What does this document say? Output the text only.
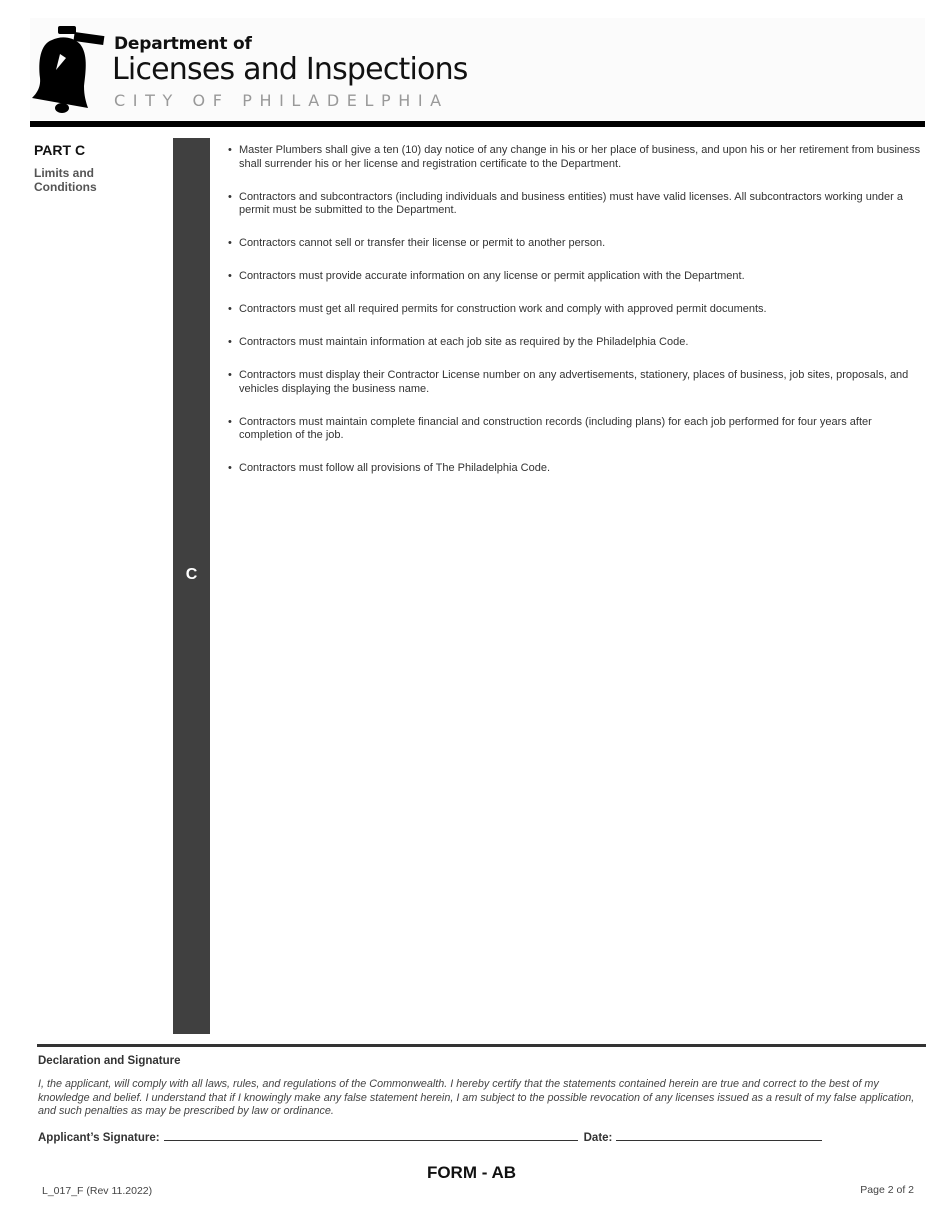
Department of
Licenses and Inspections
CITY OF PHILADELPHIA
PART C
Limits and Conditions
C
• Master Plumbers shall give a ten (10) day notice of any change in his or her place of business, and upon his or her retirement from business shall surrender his or her license and registration certificate to the Department.
• Contractors and subcontractors (including individuals and business entities) must have valid licenses. All subcontractors working under a permit must be submitted to the Department.
• Contractors cannot sell or transfer their license or permit to another person.
• Contractors must provide accurate information on any license or permit application with the Department.
• Contractors must get all required permits for construction work and comply with approved permit documents.
• Contractors must maintain information at each job site as required by the Philadelphia Code.
• Contractors must display their Contractor License number on any advertisements, stationery, places of business, job sites, proposals, and vehicles displaying the business name.
• Contractors must maintain complete financial and construction records (including plans) for each job performed for four years after completion of the job.
• Contractors must follow all provisions of The Philadelphia Code.
Declaration and Signature
I, the applicant, will comply with all laws, rules, and regulations of the Commonwealth. I hereby certify that the statements contained herein are true and correct to the best of my knowledge and belief. I understand that if I knowingly make any false statement herein, I am subject to the possible revocation of any licenses issued as a result of my false application, and such penalties as may be prescribed by law or ordinance.
Applicant’s Signature:	Date:
FORM - AB
L_017_F (Rev 11.2022)	Page 2 of 2
